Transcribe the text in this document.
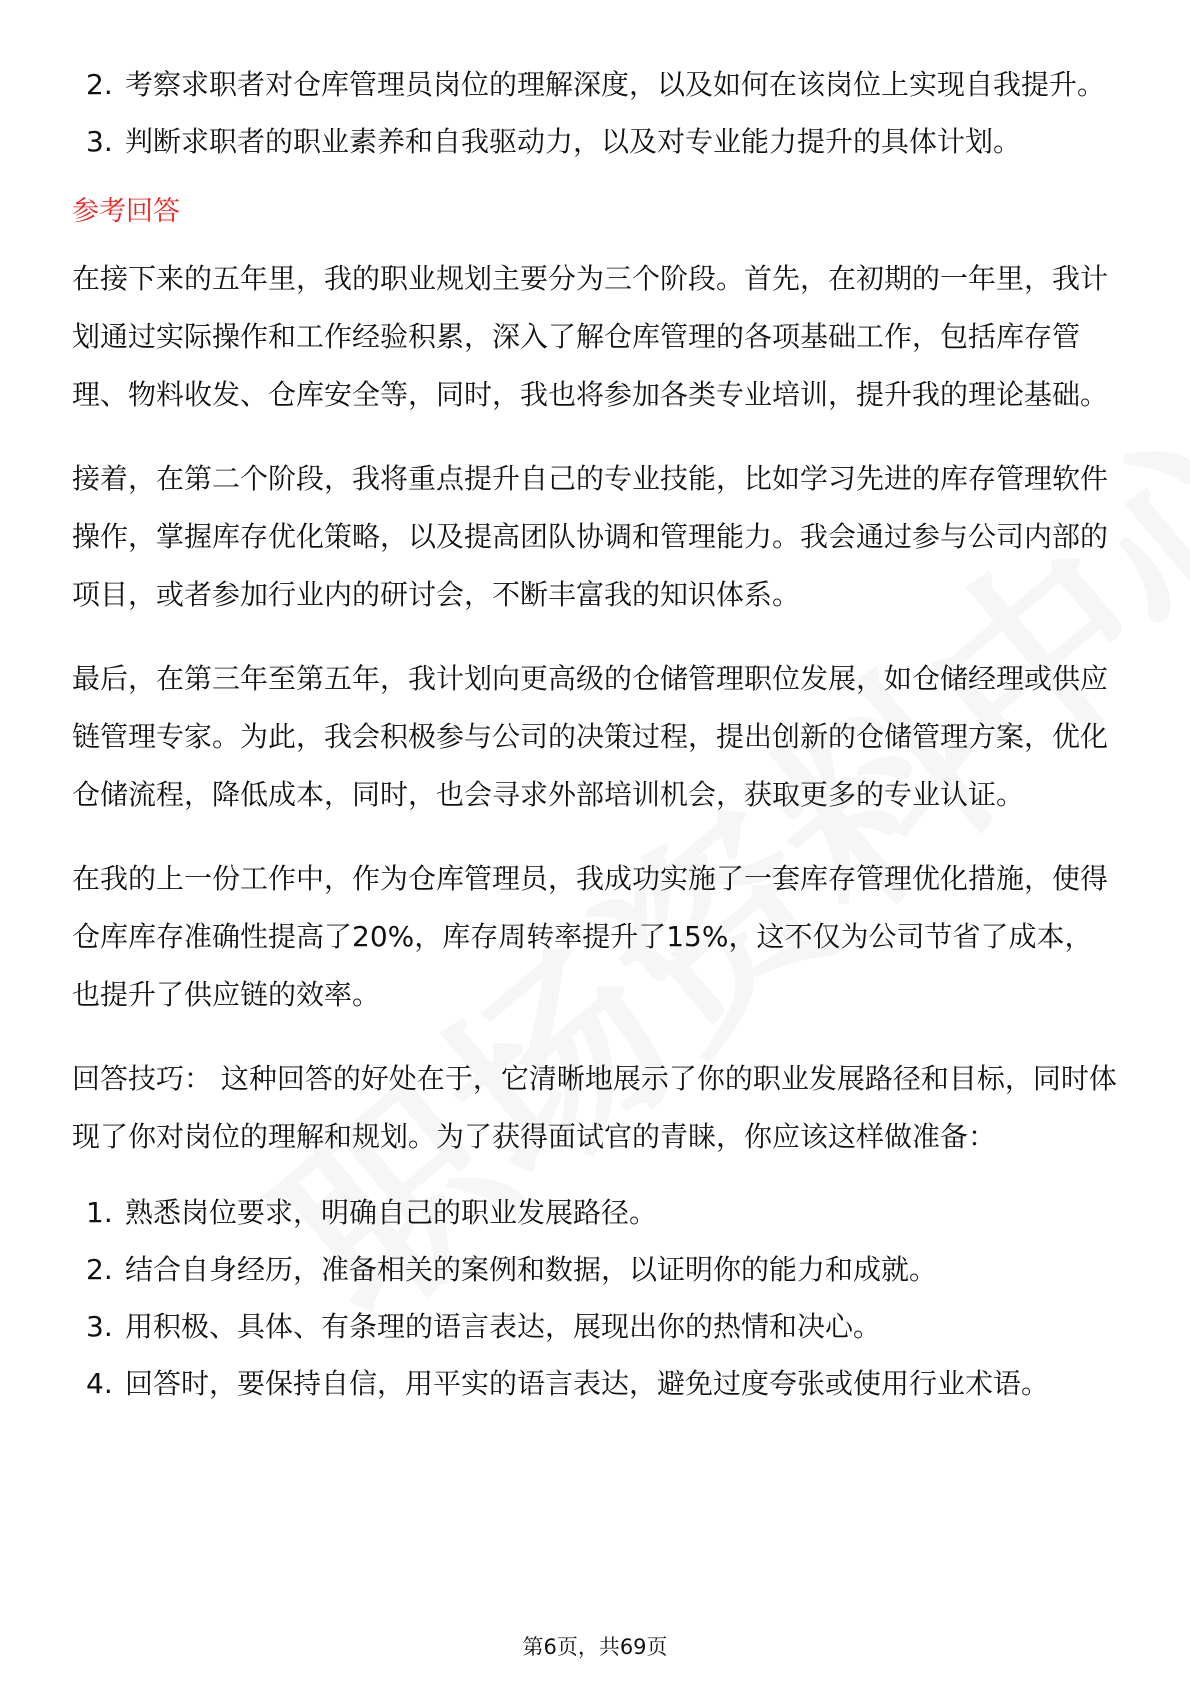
2. 考察求职者对仓库管理员岗位的理解深度，以及如何在该岗位上实现自我提升。
3. 判断求职者的职业素养和自我驱动力，以及对专业能力提升的具体计划。
参考回答

在接下来的五年里，我的职业规划主要分为三个阶段。首先，在初期的一年里，我计划通过实际操作和工作经验积累，深入了解仓库管理的各项基础工作，包括库存管理、物料收发、仓库安全等，同时，我也将参加各类专业培训，提升我的理论基础。

接着，在第二个阶段，我将重点提升自己的专业技能，比如学习先进的库存管理软件操作，掌握库存优化策略，以及提高团队协调和管理能力。我会通过参与公司内部的项目，或者参加行业内的研讨会，不断丰富我的知识体系。

最后，在第三年至第五年，我计划向更高级的仓储管理职位发展，如仓储经理或供应链管理专家。为此，我会积极参与公司的决策过程，提出创新的仓储管理方案，优化仓储流程，降低成本，同时，也会寻求外部培训机会，获取更多的专业认证。

在我的上一份工作中，作为仓库管理员，我成功实施了一套库存管理优化措施，使得仓库库存准确性提高了20%，库存周转率提升了15%，这不仅为公司节省了成本，也提升了供应链的效率。

回答技巧： 这种回答的好处在于，它清晰地展示了你的职业发展路径和目标，同时体现了你对岗位的理解和规划。为了获得面试官的青睐，你应该这样做准备：

1. 熟悉岗位要求，明确自己的职业发展路径。
2. 结合自身经历，准备相关的案例和数据，以证明你的能力和成就。
3. 用积极、具体、有条理的语言表达，展现出你的热情和决心。
4. 回答时，要保持自信，用平实的语言表达，避免过度夸张或使用行业术语。
第6页，共69页
